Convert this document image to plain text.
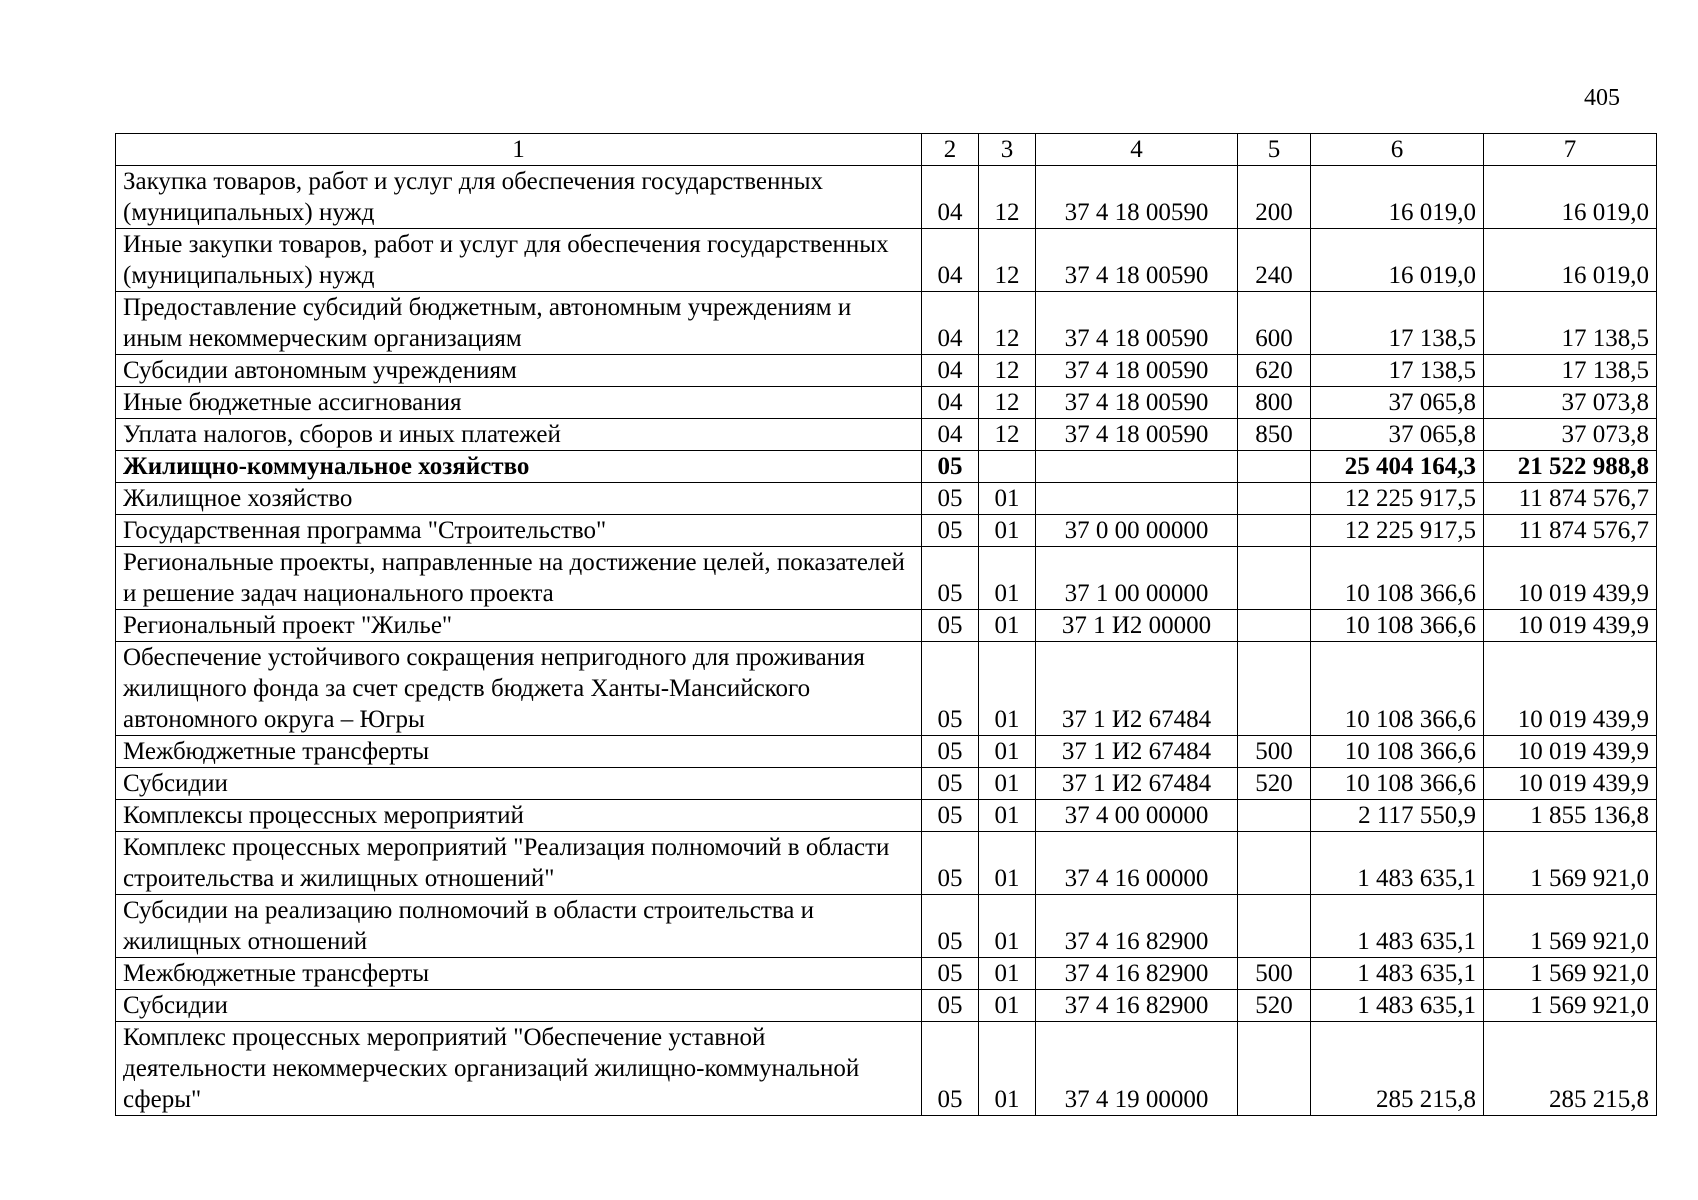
405
1	2	3	4	5	6	7
Закупка товаров, работ и услуг для обеспечения государственных (муниципальных) нужд	04	12	37 4 18 00590	200	16 019,0	16 019,0
Иные закупки товаров, работ и услуг для обеспечения государственных (муниципальных) нужд	04	12	37 4 18 00590	240	16 019,0	16 019,0
Предоставление субсидий бюджетным, автономным учреждениям и иным некоммерческим организациям	04	12	37 4 18 00590	600	17 138,5	17 138,5
Субсидии автономным учреждениям	04	12	37 4 18 00590	620	17 138,5	17 138,5
Иные бюджетные ассигнования	04	12	37 4 18 00590	800	37 065,8	37 073,8
Уплата налогов, сборов и иных платежей	04	12	37 4 18 00590	850	37 065,8	37 073,8
Жилищно-коммунальное хозяйство	05				25 404 164,3	21 522 988,8
Жилищное хозяйство	05	01			12 225 917,5	11 874 576,7
Государственная программа "Строительство"	05	01	37 0 00 00000		12 225 917,5	11 874 576,7
Региональные проекты, направленные на достижение целей, показателей и решение задач национального проекта	05	01	37 1 00 00000		10 108 366,6	10 019 439,9
Региональный проект "Жилье"	05	01	37 1 И2 00000		10 108 366,6	10 019 439,9
Обеспечение устойчивого сокращения непригодного для проживания жилищного фонда за счет средств бюджета Ханты-Мансийского автономного округа – Югры	05	01	37 1 И2 67484		10 108 366,6	10 019 439,9
Межбюджетные трансферты	05	01	37 1 И2 67484	500	10 108 366,6	10 019 439,9
Субсидии	05	01	37 1 И2 67484	520	10 108 366,6	10 019 439,9
Комплексы процессных мероприятий	05	01	37 4 00 00000		2 117 550,9	1 855 136,8
Комплекс процессных мероприятий "Реализация полномочий в области строительства и жилищных отношений"	05	01	37 4 16 00000		1 483 635,1	1 569 921,0
Субсидии на реализацию полномочий в области строительства и жилищных отношений	05	01	37 4 16 82900		1 483 635,1	1 569 921,0
Межбюджетные трансферты	05	01	37 4 16 82900	500	1 483 635,1	1 569 921,0
Субсидии	05	01	37 4 16 82900	520	1 483 635,1	1 569 921,0
Комплекс процессных мероприятий "Обеспечение уставной деятельности некоммерческих организаций жилищно-коммунальной сферы"	05	01	37 4 19 00000		285 215,8	285 215,8
